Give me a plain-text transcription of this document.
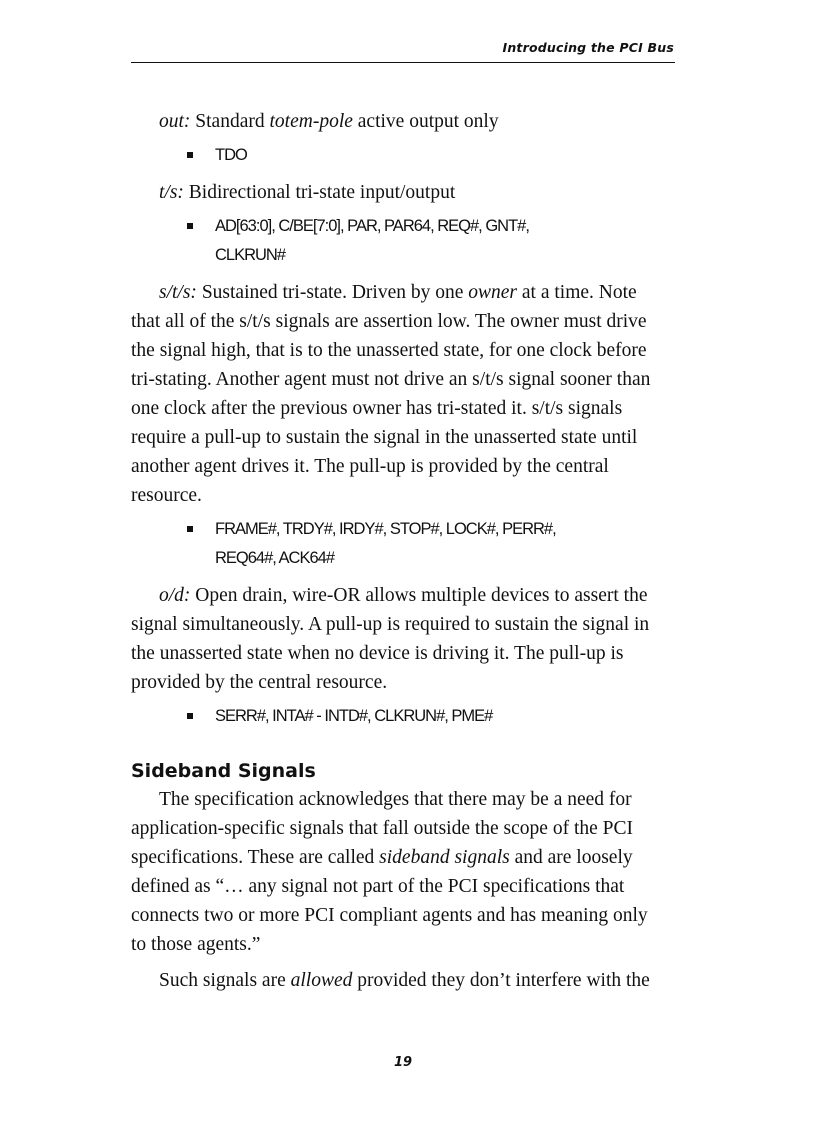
Introducing the PCI Bus

out: Standard totem-pole active output only

TDO

t/s: Bidirectional tri-state input/output

AD[63:0], C/BE[7:0], PAR, PAR64, REQ#, GNT#,
CLKRUN#

s/t/s: Sustained tri-state. Driven by one owner at a time. Note that all of the s/t/s signals are assertion low. The owner must drive the signal high, that is to the unasserted state, for one clock before tri-stating. Another agent must not drive an s/t/s signal sooner than one clock after the previous owner has tri-stated it. s/t/s signals require a pull-up to sustain the signal in the unasserted state until another agent drives it. The pull-up is provided by the central resource.

FRAME#, TRDY#, IRDY#, STOP#, LOCK#, PERR#,
REQ64#, ACK64#

o/d: Open drain, wire-OR allows multiple devices to assert the signal simultaneously. A pull-up is required to sustain the signal in the unasserted state when no device is driving it. The pull-up is provided by the central resource.

SERR#, INTA# - INTD#, CLKRUN#, PME#
Sideband Signals

The specification acknowledges that there may be a need for application-specific signals that fall outside the scope of the PCI specifications. These are called sideband signals and are loosely defined as “… any signal not part of the PCI specifications that connects two or more PCI compliant agents and has meaning only to those agents.”

Such signals are allowed provided they don’t interfere with the

19
